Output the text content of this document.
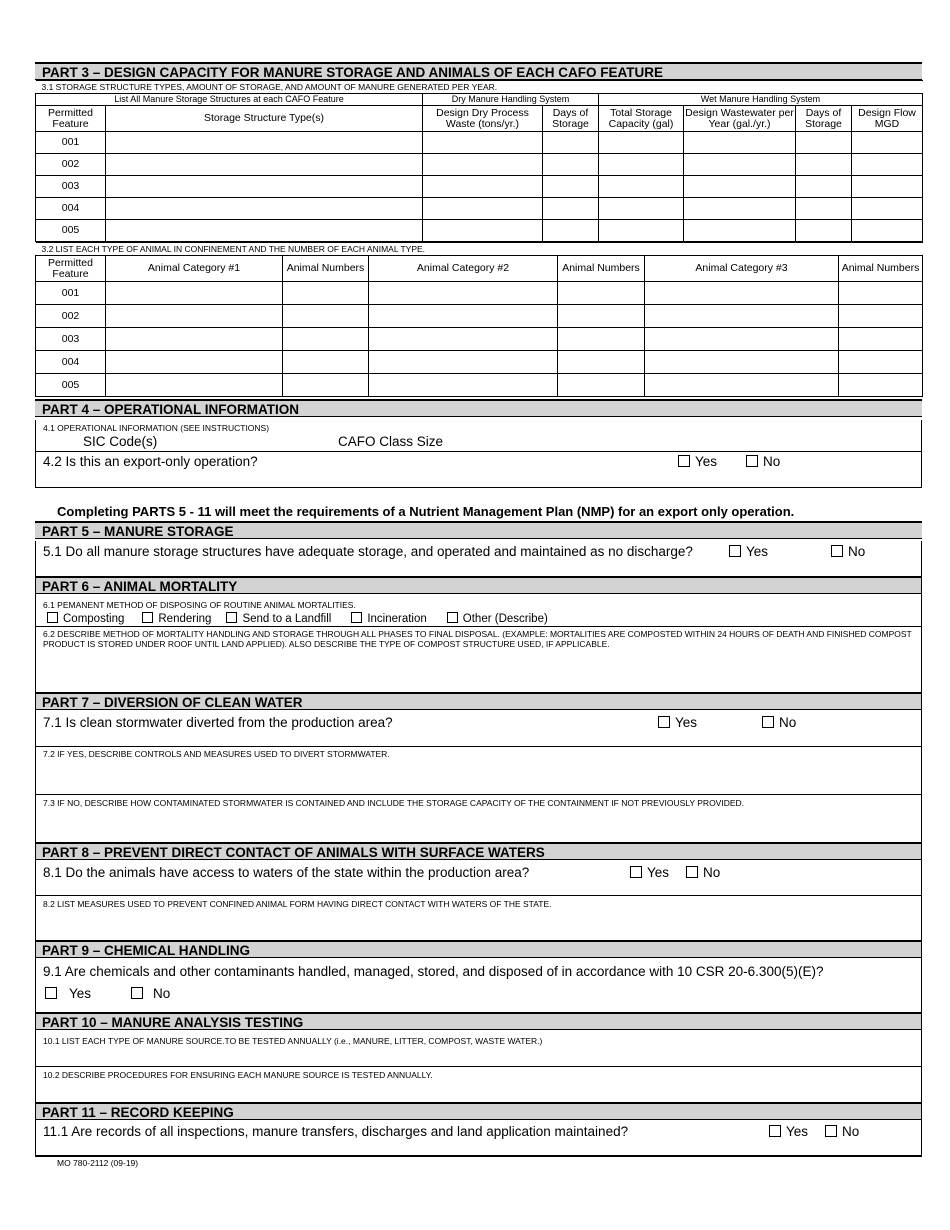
PART 3 – DESIGN CAPACITY FOR MANURE STORAGE AND ANIMALS OF EACH CAFO FEATURE
3.1 STORAGE STRUCTURE TYPES, AMOUNT OF STORAGE, AND AMOUNT OF MANURE GENERATED PER YEAR.							
List All Manure Storage Structures at each CAFO Feature		Dry Manure Handling System		Wet Manure Handling System			
Permitted Feature	Storage Structure Type(s)	Design Dry Process Waste (tons/yr.)	Days of Storage	Total Storage Capacity (gal)	Design Wastewater per Year (gal./yr.)	Days of Storage	Design Flow MGD
001							
002							
003							
004							
005							
3.2 LIST EACH TYPE OF ANIMAL IN CONFINEMENT AND THE NUMBER OF EACH ANIMAL TYPE.						
Permitted Feature	Animal Category #1	Animal Numbers	Animal Category #2	Animal Numbers	Animal Category #3	Animal Numbers
001						
002						
003						
004						
005						
PART 4 – OPERATIONAL INFORMATION
4.1 OPERATIONAL INFORMATION (SEE INSTRUCTIONS)
SIC Code(s)	CAFO Class Size
4.2 Is this an export-only operation?	Yes	No
Completing PARTS 5 - 11 will meet the requirements of a Nutrient Management Plan (NMP) for an export only operation.
PART 5 – MANURE STORAGE
5.1 Do all manure storage structures have adequate storage, and operated and maintained as no discharge?	Yes	No
PART 6 – ANIMAL MORTALITY
6.1 PEMANENT METHOD OF DISPOSING OF ROUTINE ANIMAL MORTALITIES.
Composting	Rendering	Send to a Landfill	Incineration	Other (Describe)
6.2 DESCRIBE METHOD OF MORTALITY HANDLING AND STORAGE THROUGH ALL PHASES TO FINAL DISPOSAL. (EXAMPLE: MORTALITIES ARE COMPOSTED WITHIN 24 HOURS OF DEATH AND FINISHED COMPOST PRODUCT IS STORED UNDER ROOF UNTIL LAND APPLIED). ALSO DESCRIBE THE TYPE OF COMPOST STRUCTURE USED, IF APPLICABLE.
PART 7 – DIVERSION OF CLEAN WATER
7.1 Is clean stormwater diverted from the production area?	Yes	No
7.2 IF YES, DESCRIBE CONTROLS AND MEASURES USED TO DIVERT STORMWATER.
7.3 IF NO, DESCRIBE HOW CONTAMINATED STORMWATER IS CONTAINED AND INCLUDE THE STORAGE CAPACITY OF THE CONTAINMENT IF NOT PREVIOUSLY PROVIDED.
PART 8 – PREVENT DIRECT CONTACT OF ANIMALS WITH SURFACE WATERS
8.1 Do the animals have access to waters of the state within the production area?	Yes	No
8.2 LIST MEASURES USED TO PREVENT CONFINED ANIMAL FORM HAVING DIRECT CONTACT WITH WATERS OF THE STATE.
PART 9 – CHEMICAL HANDLING
9.1 Are chemicals and other contaminants handled, managed, stored, and disposed of in accordance with 10 CSR 20-6.300(5)(E)?
Yes	No
PART 10 – MANURE ANALYSIS TESTING
10.1 LIST EACH TYPE OF MANURE SOURCE.TO BE TESTED ANNUALLY (i.e., MANURE, LITTER, COMPOST, WASTE WATER.)
10.2 DESCRIBE PROCEDURES FOR ENSURING EACH MANURE SOURCE IS TESTED ANNUALLY.
PART 11 – RECORD KEEPING
11.1 Are records of all inspections, manure transfers, discharges and land application maintained?	Yes	No
MO 780-2112 (09-19)
